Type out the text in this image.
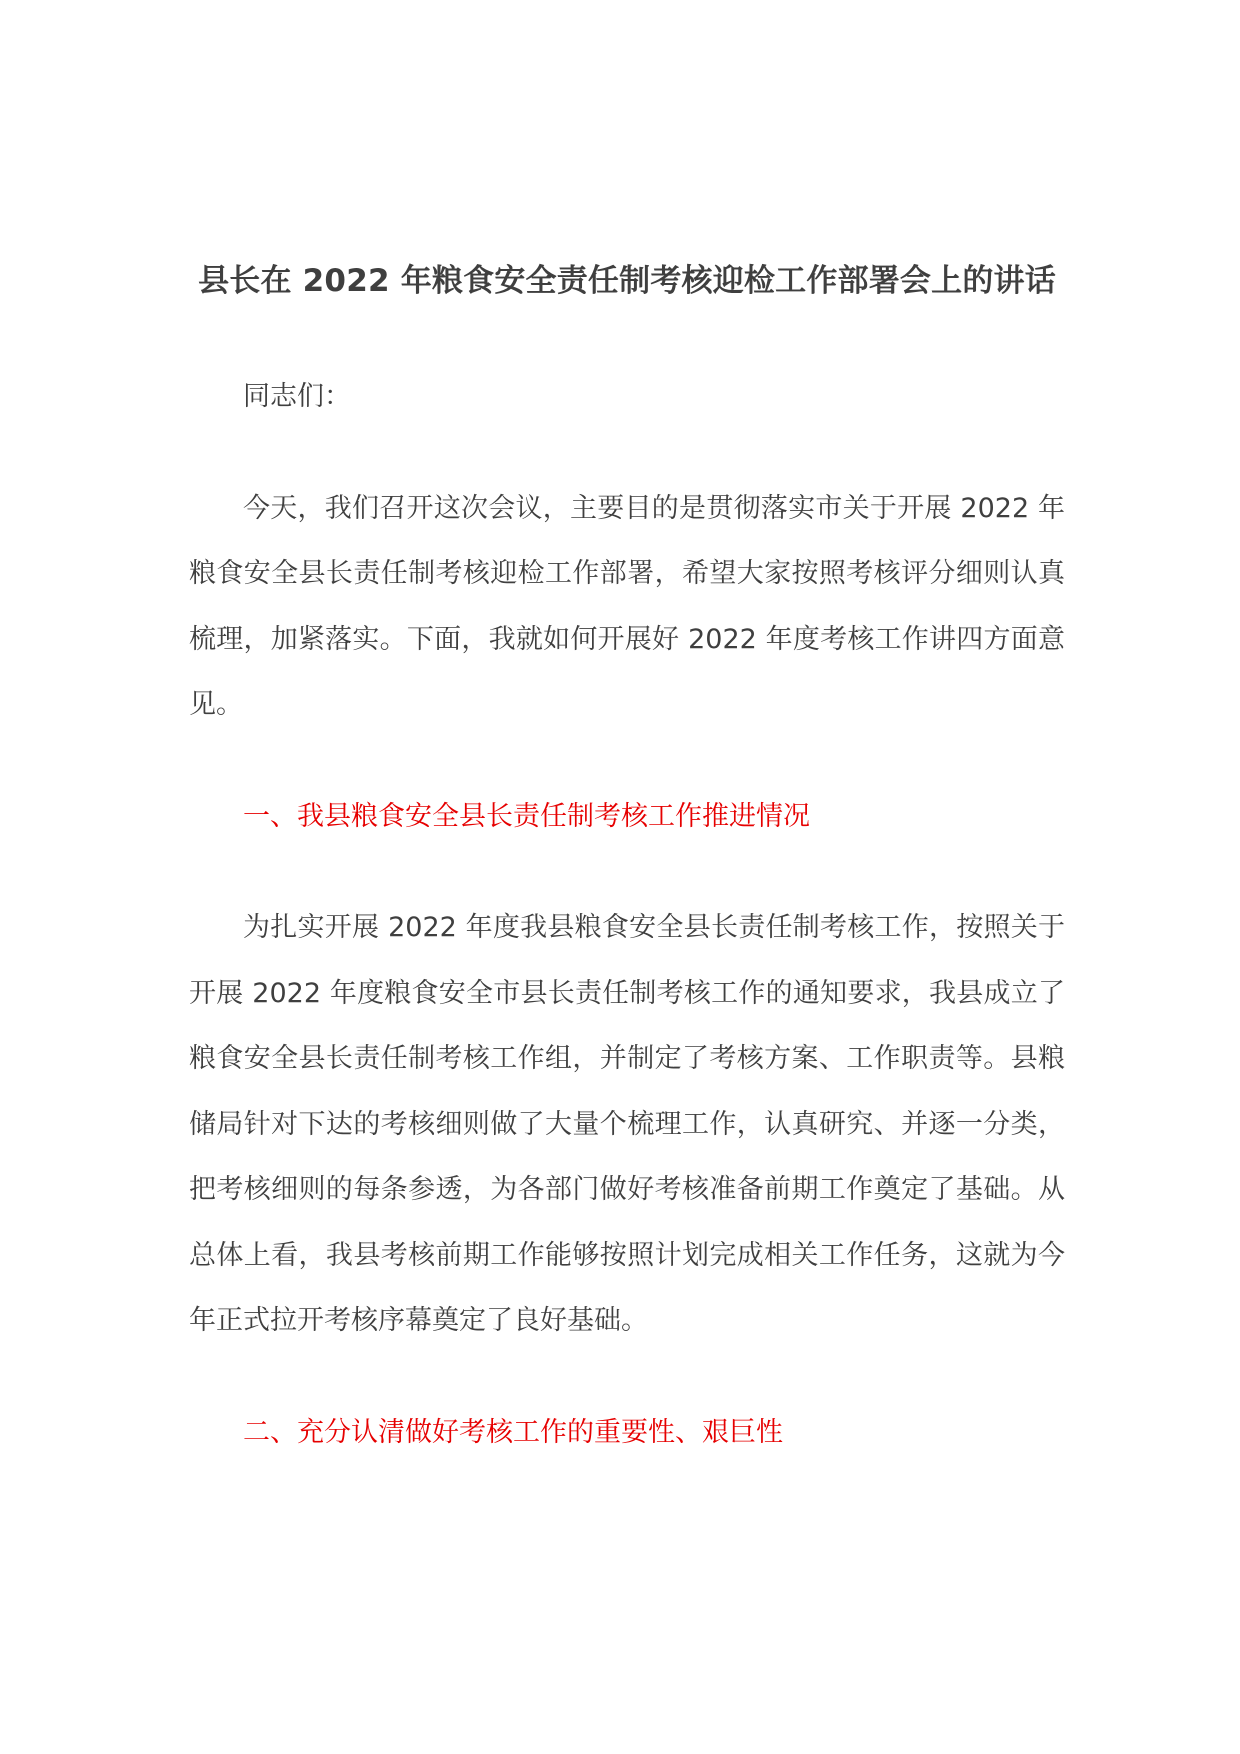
县长在 2022 年粮食安全责任制考核迎检工作部署会上的讲话

同志们：

今天，我们召开这次会议，主要目的是贯彻落实市关于开展 2022 年粮食安全县长责任制考核迎检工作部署，希望大家按照考核评分细则认真梳理，加紧落实。下面，我就如何开展好 2022 年度考核工作讲四方面意见。

一、我县粮食安全县长责任制考核工作推进情况

为扎实开展 2022 年度我县粮食安全县长责任制考核工作，按照关于开展 2022 年度粮食安全市县长责任制考核工作的通知要求，我县成立了粮食安全县长责任制考核工作组，并制定了考核方案、工作职责等。县粮储局针对下达的考核细则做了大量个梳理工作，认真研究、并逐一分类，把考核细则的每条参透，为各部门做好考核准备前期工作奠定了基础。从总体上看，我县考核前期工作能够按照计划完成相关工作任务，这就为今年正式拉开考核序幕奠定了良好基础。

二、充分认清做好考核工作的重要性、艰巨性
